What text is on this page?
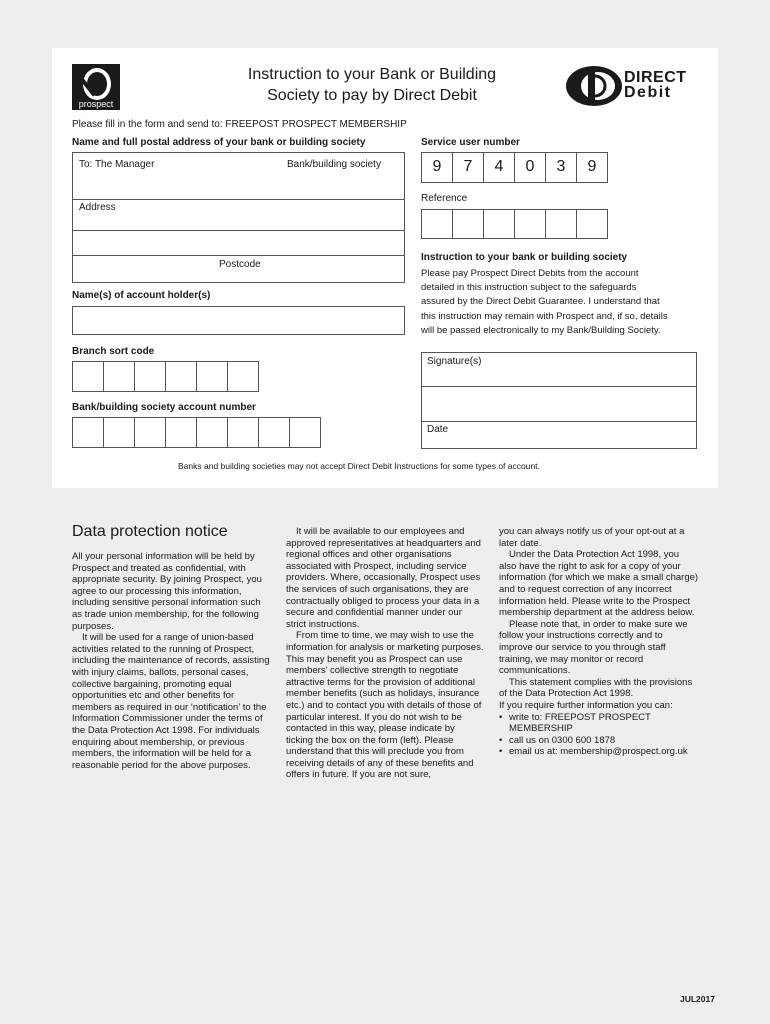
prospect
Instruction to your Bank or Building
Society to pay by Direct Debit
DIRECT
Debit
Please fill in the form and send to: FREEPOST PROSPECT MEMBERSHIP
Name and full postal address of your bank or building society
To: The Manager	Bank/building society
Address
Postcode
Name(s) of account holder(s)
Branch sort code
Bank/building society account number
Service user number
9	7	4	0	3	9
Reference
Instruction to your bank or building society
Please pay Prospect Direct Debits from the account
detailed in this instruction subject to the safeguards
assured by the Direct Debit Guarantee. I understand that
this instruction may remain with Prospect and, if so, details
will be passed electronically to my Bank/Building Society.
Signature(s)
Date
Banks and building societies may not accept Direct Debit Instructions for some types of account.
Data protection notice

All your personal information will be held by Prospect and treated as confidential, with appropriate security. By joining Prospect, you agree to our processing this information, including sensitive personal information such as trade union membership, for the following purposes.

It will be used for a range of union-based activities related to the running of Prospect, including the maintenance of records, assisting with injury claims, ballots, personal cases, collective bargaining, promoting equal opportunities etc and other benefits for members as required in our ‘notification’ to the Information Commissioner under the terms of the Data Protection Act 1998. For individuals enquiring about membership, or previous members, the information will be held for a reasonable period for the above purposes.

It will be available to our employees and approved representatives at headquarters and regional offices and other organisations associated with Prospect, including service providers. Where, occasionally, Prospect uses the services of such organisations, they are contractually obliged to process your data in a secure and confidential manner under our strict instructions.

From time to time, we may wish to use the information for analysis or marketing purposes. This may benefit you as Prospect can use members’ collective strength to negotiate attractive terms for the provision of additional member benefits (such as holidays, insurance etc.) and to contact you with details of those of particular interest. If you do not wish to be contacted in this way, please indicate by ticking the box on the form (left). Please understand that this will preclude you from receiving details of any of these benefits and offers in future. If you are not sure,

you can always notify us of your opt-out at a later date.

Under the Data Protection Act 1998, you also have the right to ask for a copy of your information (for which we make a small charge) and to request correction of any incorrect information held. Please write to the Prospect membership department at the address below.

Please note that, in order to make sure we follow your instructions correctly and to improve our service to you through staff training, we may monitor or record communications.

This statement complies with the provisions of the Data Protection Act 1998.

If you require further information you can:

• write to: FREEPOST PROSPECT MEMBERSHIP
• call us on 0300 600 1878
• email us at: membership@prospect.org.uk
JUL2017
